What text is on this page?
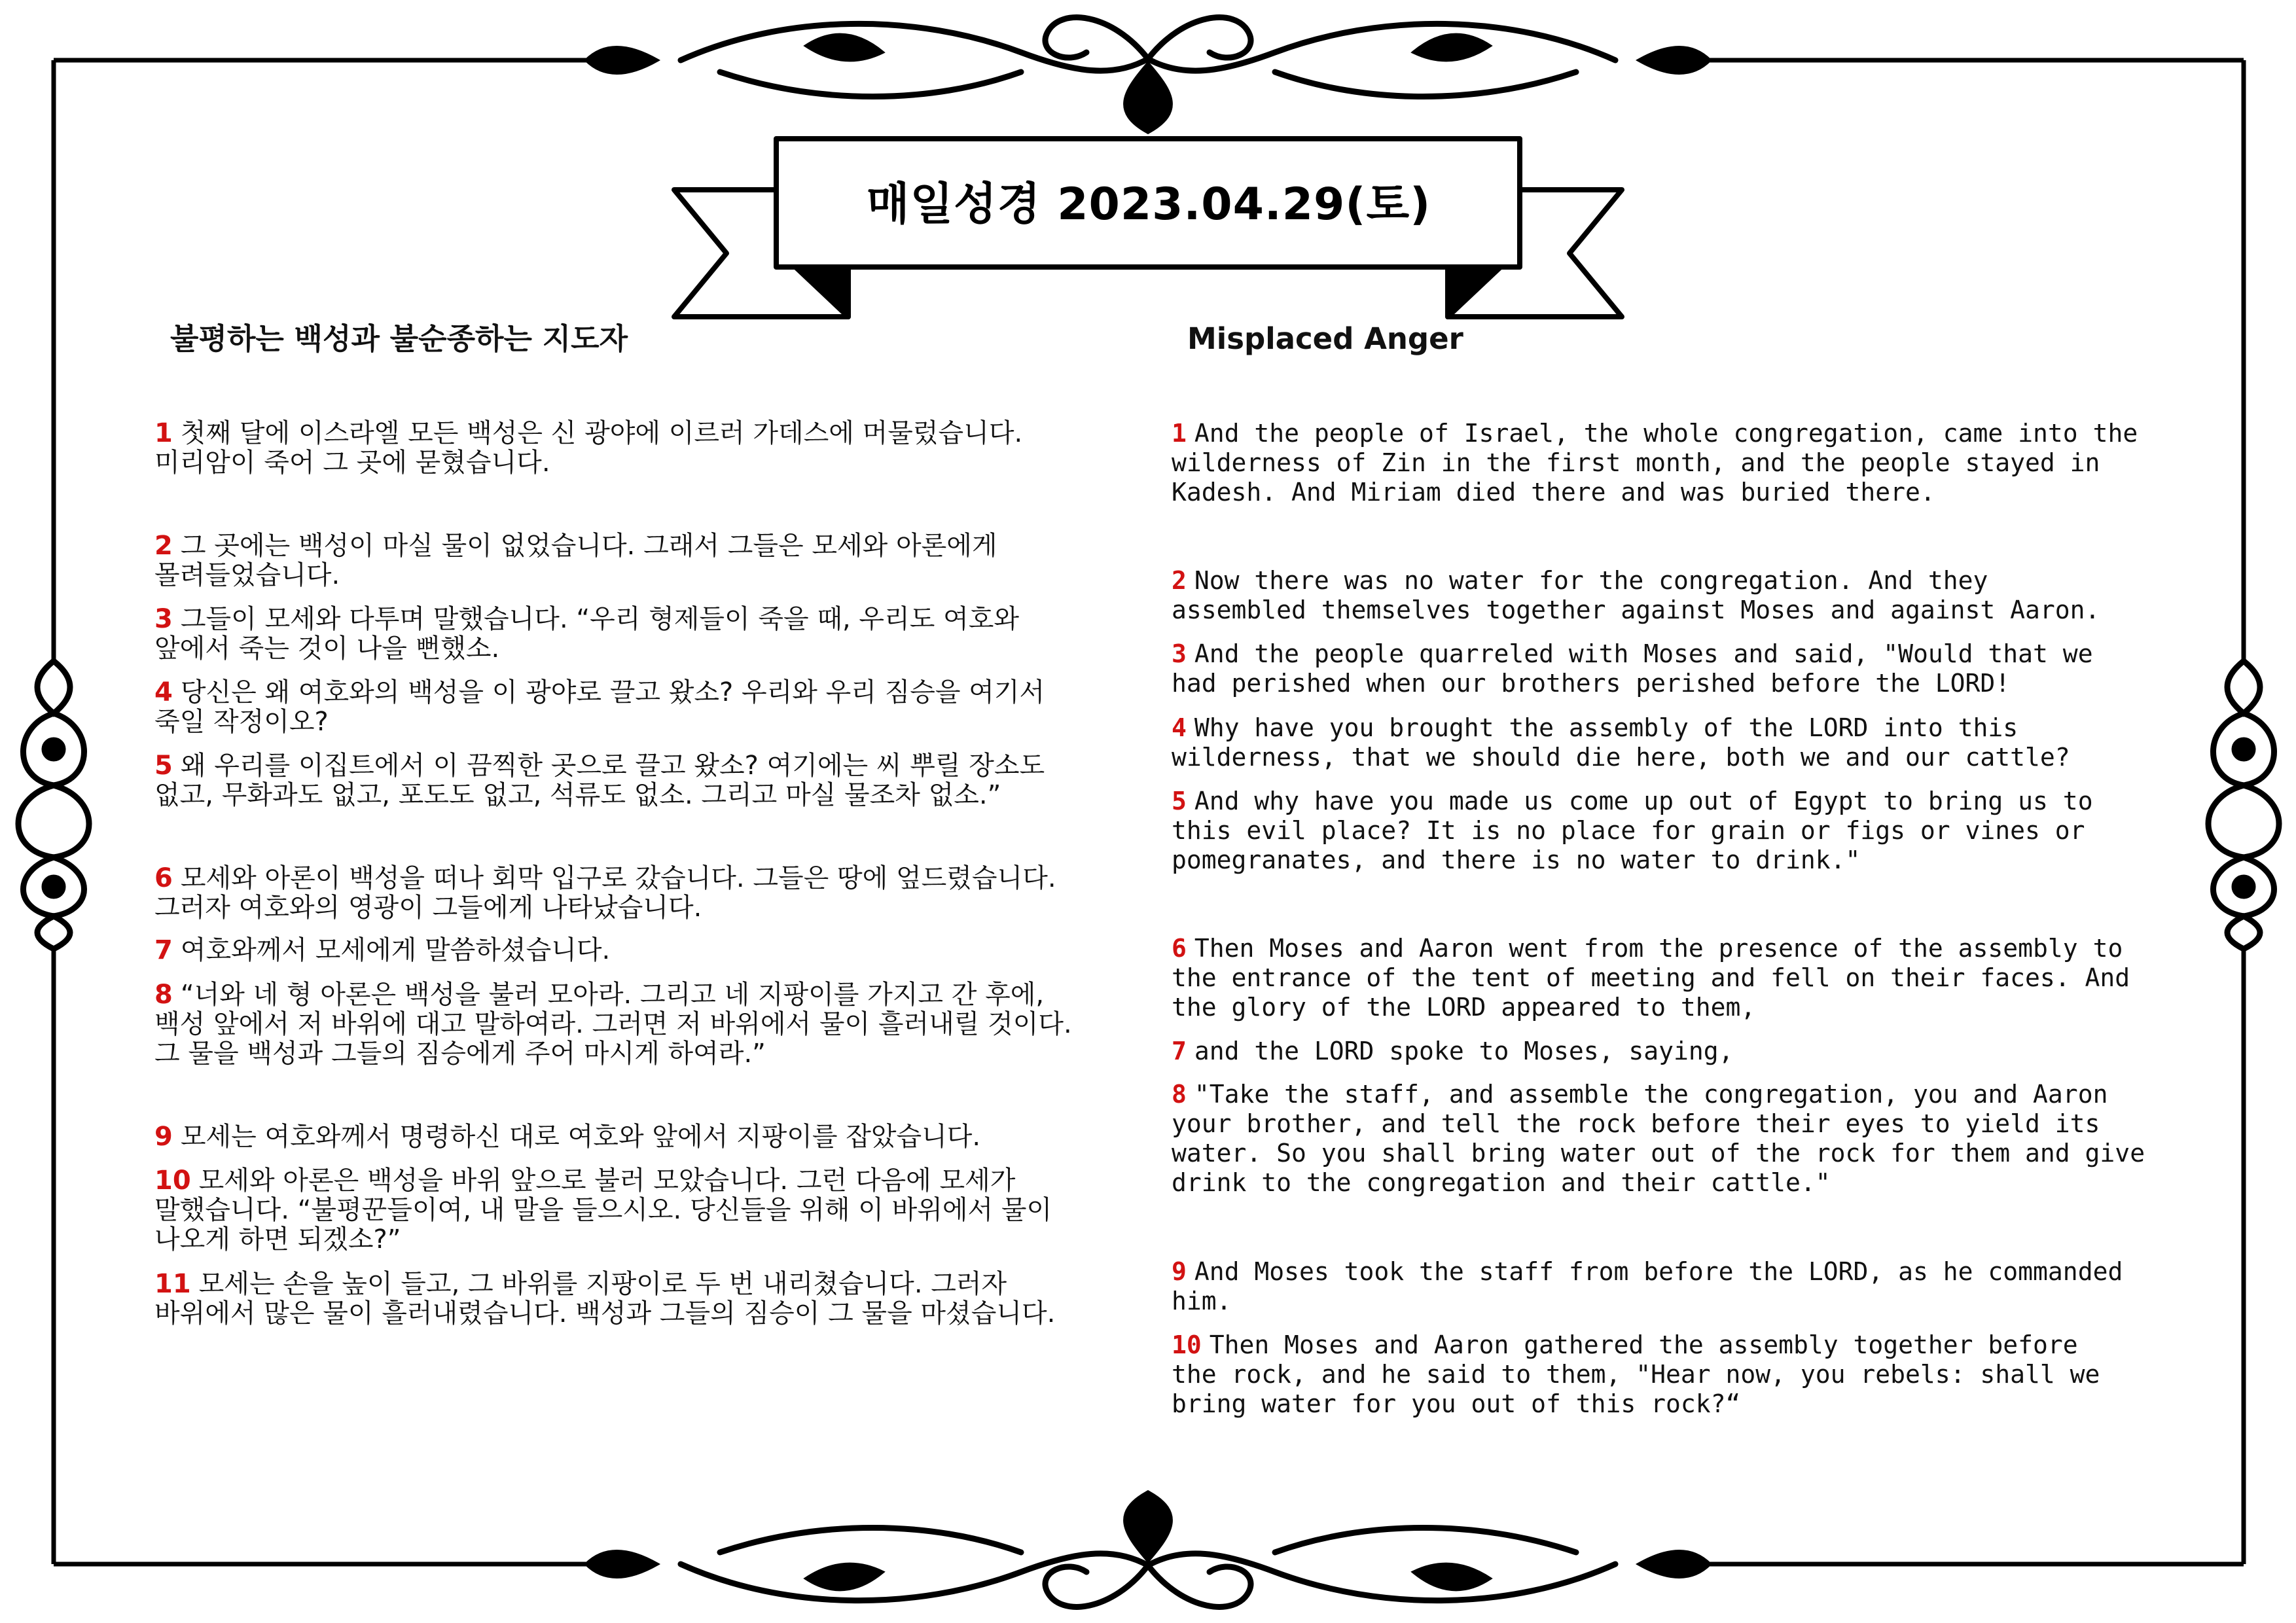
매일성경 2023.04.29(토)
불평하는 백성과 불순종하는 지도자
1 첫째 달에 이스라엘 모든 백성은 신 광야에 이르러 가데스에 머물렀습니다.
미리암이 죽어 그 곳에 묻혔습니다.
2 그 곳에는 백성이 마실 물이 없었습니다. 그래서 그들은 모세와 아론에게
몰려들었습니다.
3 그들이 모세와 다투며 말했습니다. “우리 형제들이 죽을 때, 우리도 여호와
앞에서 죽는 것이 나을 뻔했소.
4 당신은 왜 여호와의 백성을 이 광야로 끌고 왔소? 우리와 우리 짐승을 여기서
죽일 작정이오?
5 왜 우리를 이집트에서 이 끔찍한 곳으로 끌고 왔소? 여기에는 씨 뿌릴 장소도
없고, 무화과도 없고, 포도도 없고, 석류도 없소. 그리고 마실 물조차 없소.”
6 모세와 아론이 백성을 떠나 회막 입구로 갔습니다. 그들은 땅에 엎드렸습니다.
그러자 여호와의 영광이 그들에게 나타났습니다.
7 여호와께서 모세에게 말씀하셨습니다.
8 “너와 네 형 아론은 백성을 불러 모아라. 그리고 네 지팡이를 가지고 간 후에,
백성 앞에서 저 바위에 대고 말하여라. 그러면 저 바위에서 물이 흘러내릴 것이다.
그 물을 백성과 그들의 짐승에게 주어 마시게 하여라.”
9 모세는 여호와께서 명령하신 대로 여호와 앞에서 지팡이를 잡았습니다.
10 모세와 아론은 백성을 바위 앞으로 불러 모았습니다. 그런 다음에 모세가
말했습니다. “불평꾼들이여, 내 말을 들으시오. 당신들을 위해 이 바위에서 물이
나오게 하면 되겠소?”
11 모세는 손을 높이 들고, 그 바위를 지팡이로 두 번 내리쳤습니다. 그러자
바위에서 많은 물이 흘러내렸습니다. 백성과 그들의 짐승이 그 물을 마셨습니다.
Misplaced Anger
1 And the people of Israel, the whole congregation, came into the
wilderness of Zin in the first month, and the people stayed in
Kadesh. And Miriam died there and was buried there.
2 Now there was no water for the congregation. And they
assembled themselves together against Moses and against Aaron.
3 And the people quarreled with Moses and said, "Would that we
had perished when our brothers perished before the LORD!
4 Why have you brought the assembly of the LORD into this
wilderness, that we should die here, both we and our cattle?
5 And why have you made us come up out of Egypt to bring us to
this evil place? It is no place for grain or figs or vines or
pomegranates, and there is no water to drink."
6 Then Moses and Aaron went from the presence of the assembly to
the entrance of the tent of meeting and fell on their faces. And
the glory of the LORD appeared to them,
7 and the LORD spoke to Moses, saying,
8 "Take the staff, and assemble the congregation, you and Aaron
your brother, and tell the rock before their eyes to yield its
water. So you shall bring water out of the rock for them and give
drink to the congregation and their cattle."
9 And Moses took the staff from before the LORD, as he commanded
him.
10 Then Moses and Aaron gathered the assembly together before
the rock, and he said to them, "Hear now, you rebels: shall we
bring water for you out of this rock?“
